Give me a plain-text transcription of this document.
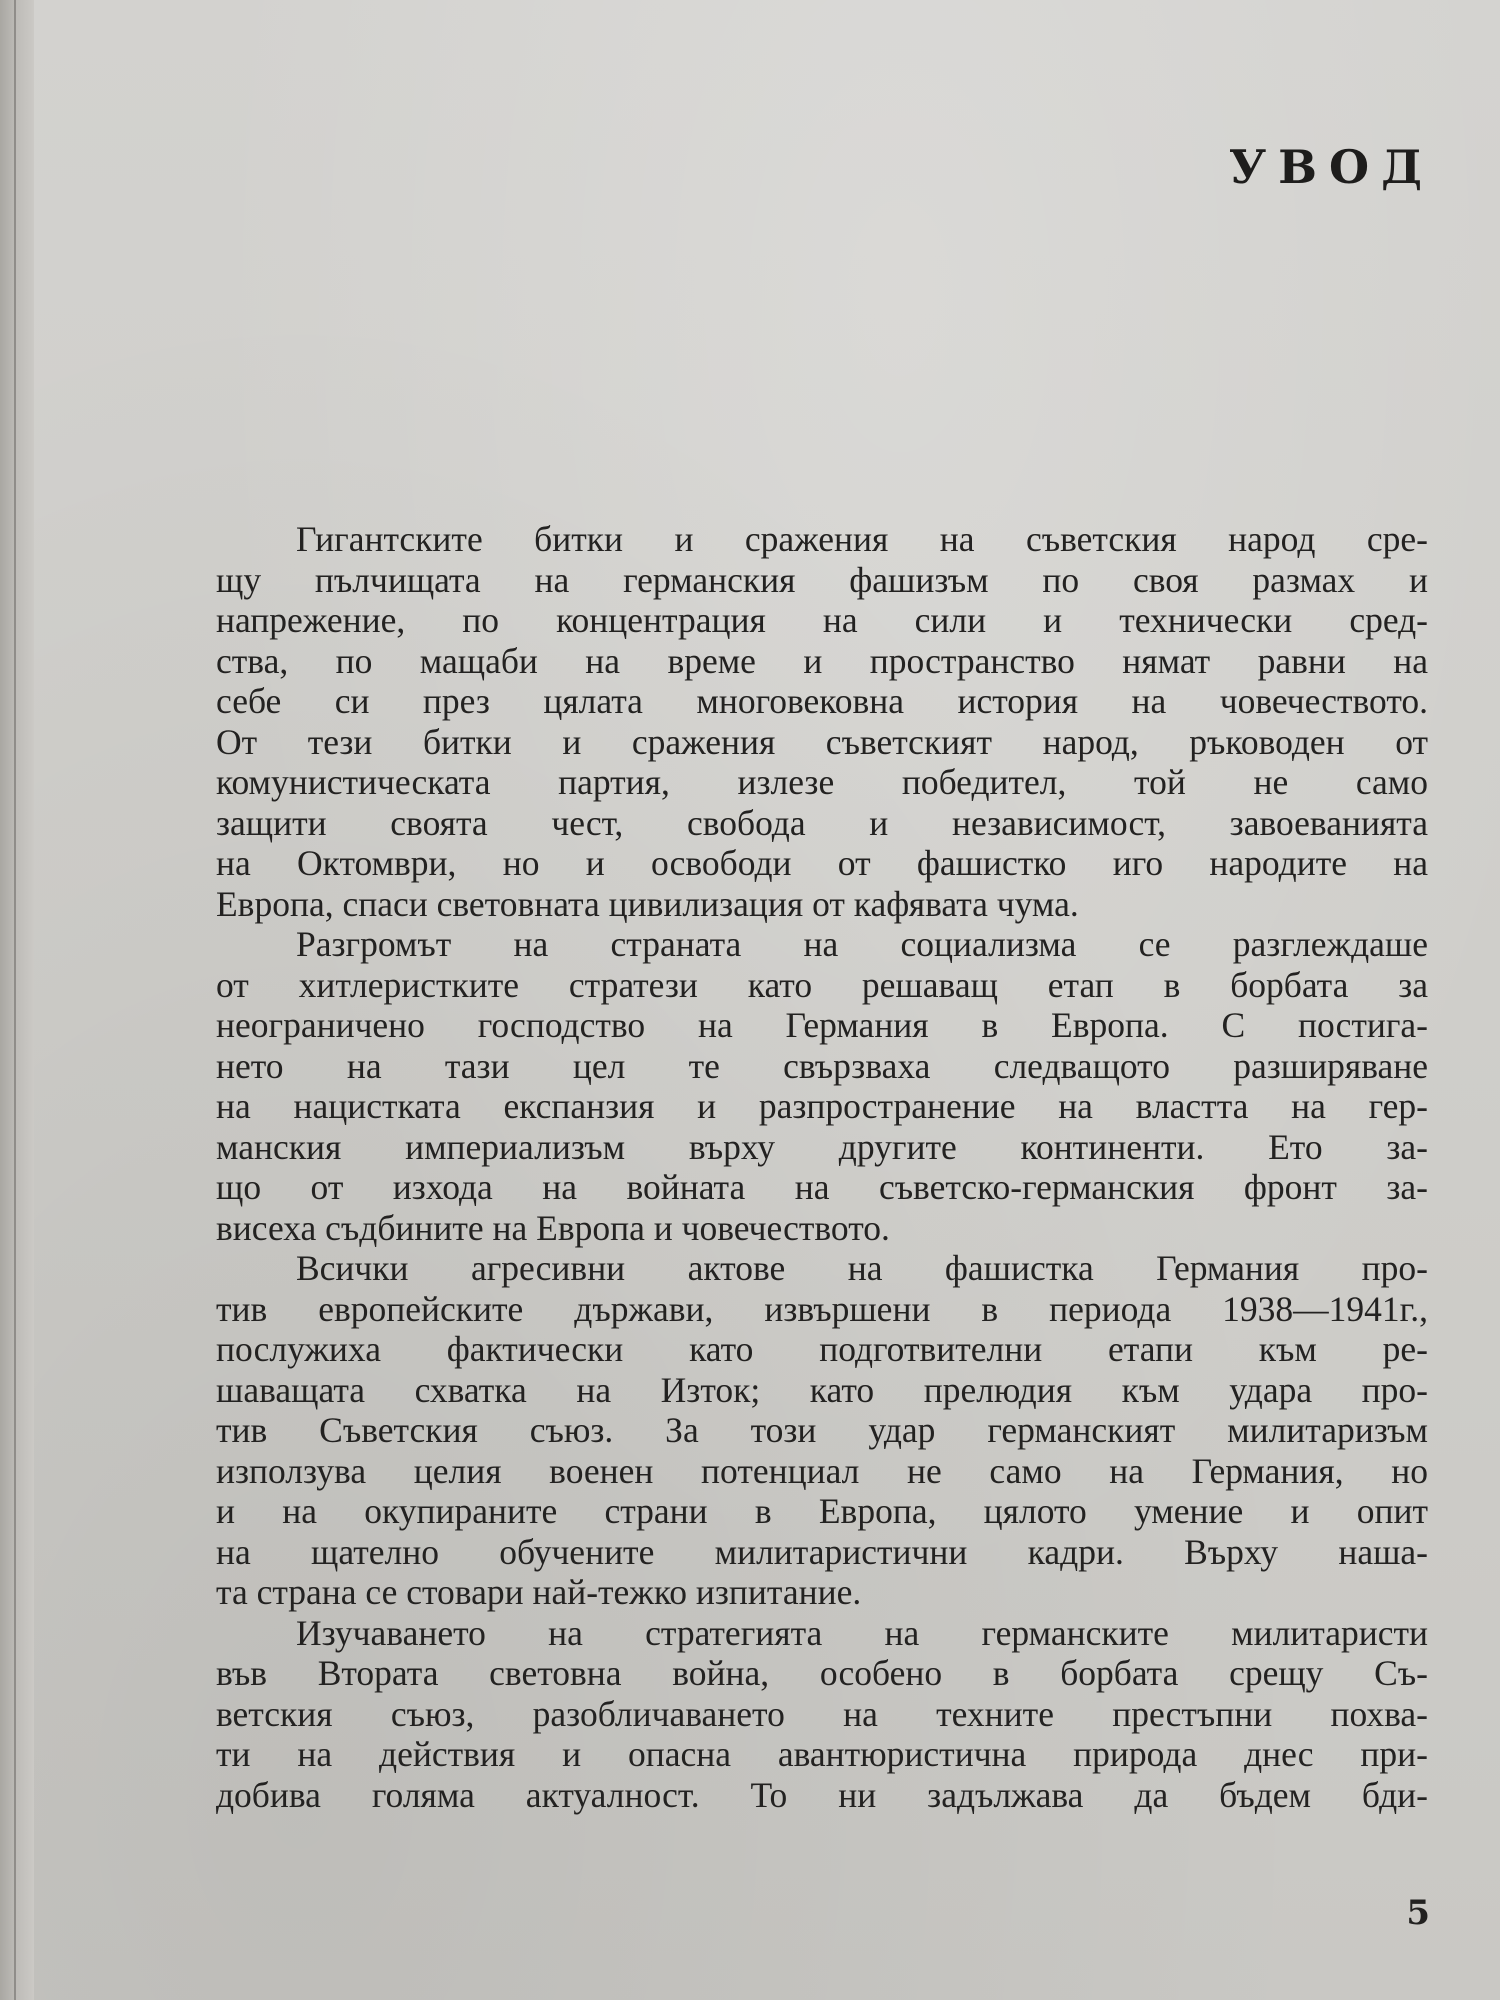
УВОД
Гигантските битки и сражения на съветския народ сре-
щу пълчищата на германския фашизъм по своя размах и
напрежение, по концентрация на сили и технически сред-
ства, по мащаби на време и пространство нямат равни на
себе си през цялата многовековна история на човечеството.
От тези битки и сражения съветският народ, ръководен от
комунистическата партия, излезе победител, той не само
защити своята чест, свобода и независимост, завоеванията
на Октомври, но и освободи от фашистко иго народите на
Европа, спаси световната цивилизация от кафявата чума.
Разгромът на страната на социализма се разглеждаше
от хитлеристките стратези като решаващ етап в борбата за
неограничено господство на Германия в Европа. С постига-
нето на тази цел те свързваха следващото разширяване
на нацистката експанзия и разпространение на властта на гер-
манския империализъм върху другите континенти. Ето за-
що от изхода на войната на съветско-германския фронт за-
висеха съдбините на Европа и човечеството.
Всички агресивни актове на фашистка Германия про-
тив европейските държави, извършени в периода 1938—1941г.,
послужиха фактически като подготвителни етапи към ре-
шаващата схватка на Изток; като прелюдия към удара про-
тив Съветския съюз. За този удар германският милитаризъм
използува целия военен потенциал не само на Германия, но
и на окупираните страни в Европа, цялото умение и опит
на щателно обучените милитаристични кадри. Върху наша-
та страна се стовари най-тежко изпитание.
Изучаването на стратегията на германските милитаристи
във Втората световна война, особено в борбата срещу Съ-
ветския съюз, разобличаването на техните престъпни похва-
ти на действия и опасна авантюристична природа днес при-
добива голяма актуалност. То ни задължава да бъдем бди-
5
